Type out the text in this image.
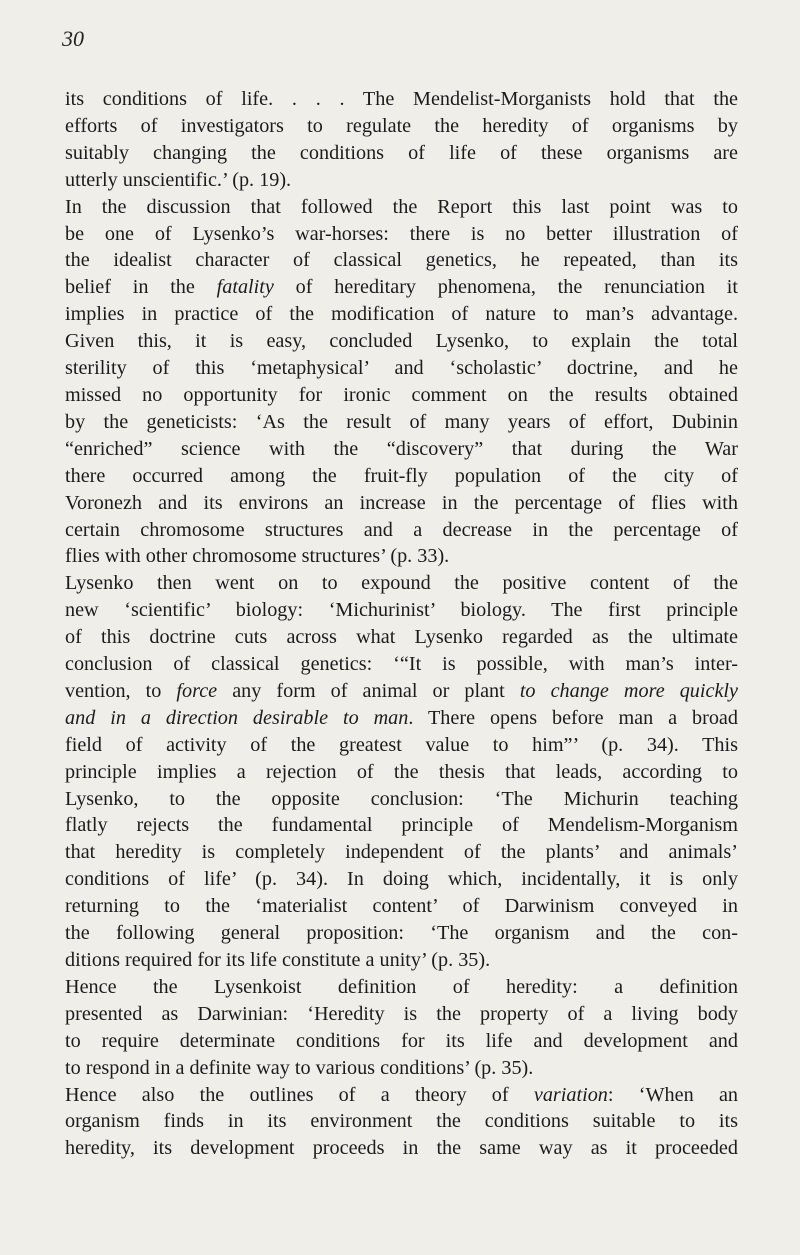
30
its conditions of life. . . . The Mendelist-Morganists hold that the
efforts of investigators to regulate the heredity of organisms by
suitably changing the conditions of life of these organisms are
utterly unscientific.’ (p. 19).
In the discussion that followed the Report this last point was to
be one of Lysenko’s war-horses: there is no better illustration of
the idealist character of classical genetics, he repeated, than its
belief in the fatality of hereditary phenomena, the renunciation it
implies in practice of the modification of nature to man’s advantage.
Given this, it is easy, concluded Lysenko, to explain the total
sterility of this ‘metaphysical’ and ‘scholastic’ doctrine, and he
missed no opportunity for ironic comment on the results obtained
by the geneticists: ‘As the result of many years of effort, Dubinin
“enriched” science with the “discovery” that during the War
there occurred among the fruit-fly population of the city of
Voronezh and its environs an increase in the percentage of flies with
certain chromosome structures and a decrease in the percentage of
flies with other chromosome structures’ (p. 33).
Lysenko then went on to expound the positive content of the
new ‘scientific’ biology: ‘Michurinist’ biology. The first principle
of this doctrine cuts across what Lysenko regarded as the ultimate
conclusion of classical genetics: ‘“It is possible, with man’s inter-
vention, to force any form of animal or plant to change more quickly
and in a direction desirable to man. There opens before man a broad
field of activity of the greatest value to him”’ (p. 34). This
principle implies a rejection of the thesis that leads, according to
Lysenko, to the opposite conclusion: ‘The Michurin teaching
flatly rejects the fundamental principle of Mendelism-Morganism
that heredity is completely independent of the plants’ and animals’
conditions of life’ (p. 34). In doing which, incidentally, it is only
returning to the ‘materialist content’ of Darwinism conveyed in
the following general proposition: ‘The organism and the con-
ditions required for its life constitute a unity’ (p. 35).
Hence the Lysenkoist definition of heredity: a definition
presented as Darwinian: ‘Heredity is the property of a living body
to require determinate conditions for its life and development and
to respond in a definite way to various conditions’ (p. 35).
Hence also the outlines of a theory of variation: ‘When an
organism finds in its environment the conditions suitable to its
heredity, its development proceeds in the same way as it proceeded
